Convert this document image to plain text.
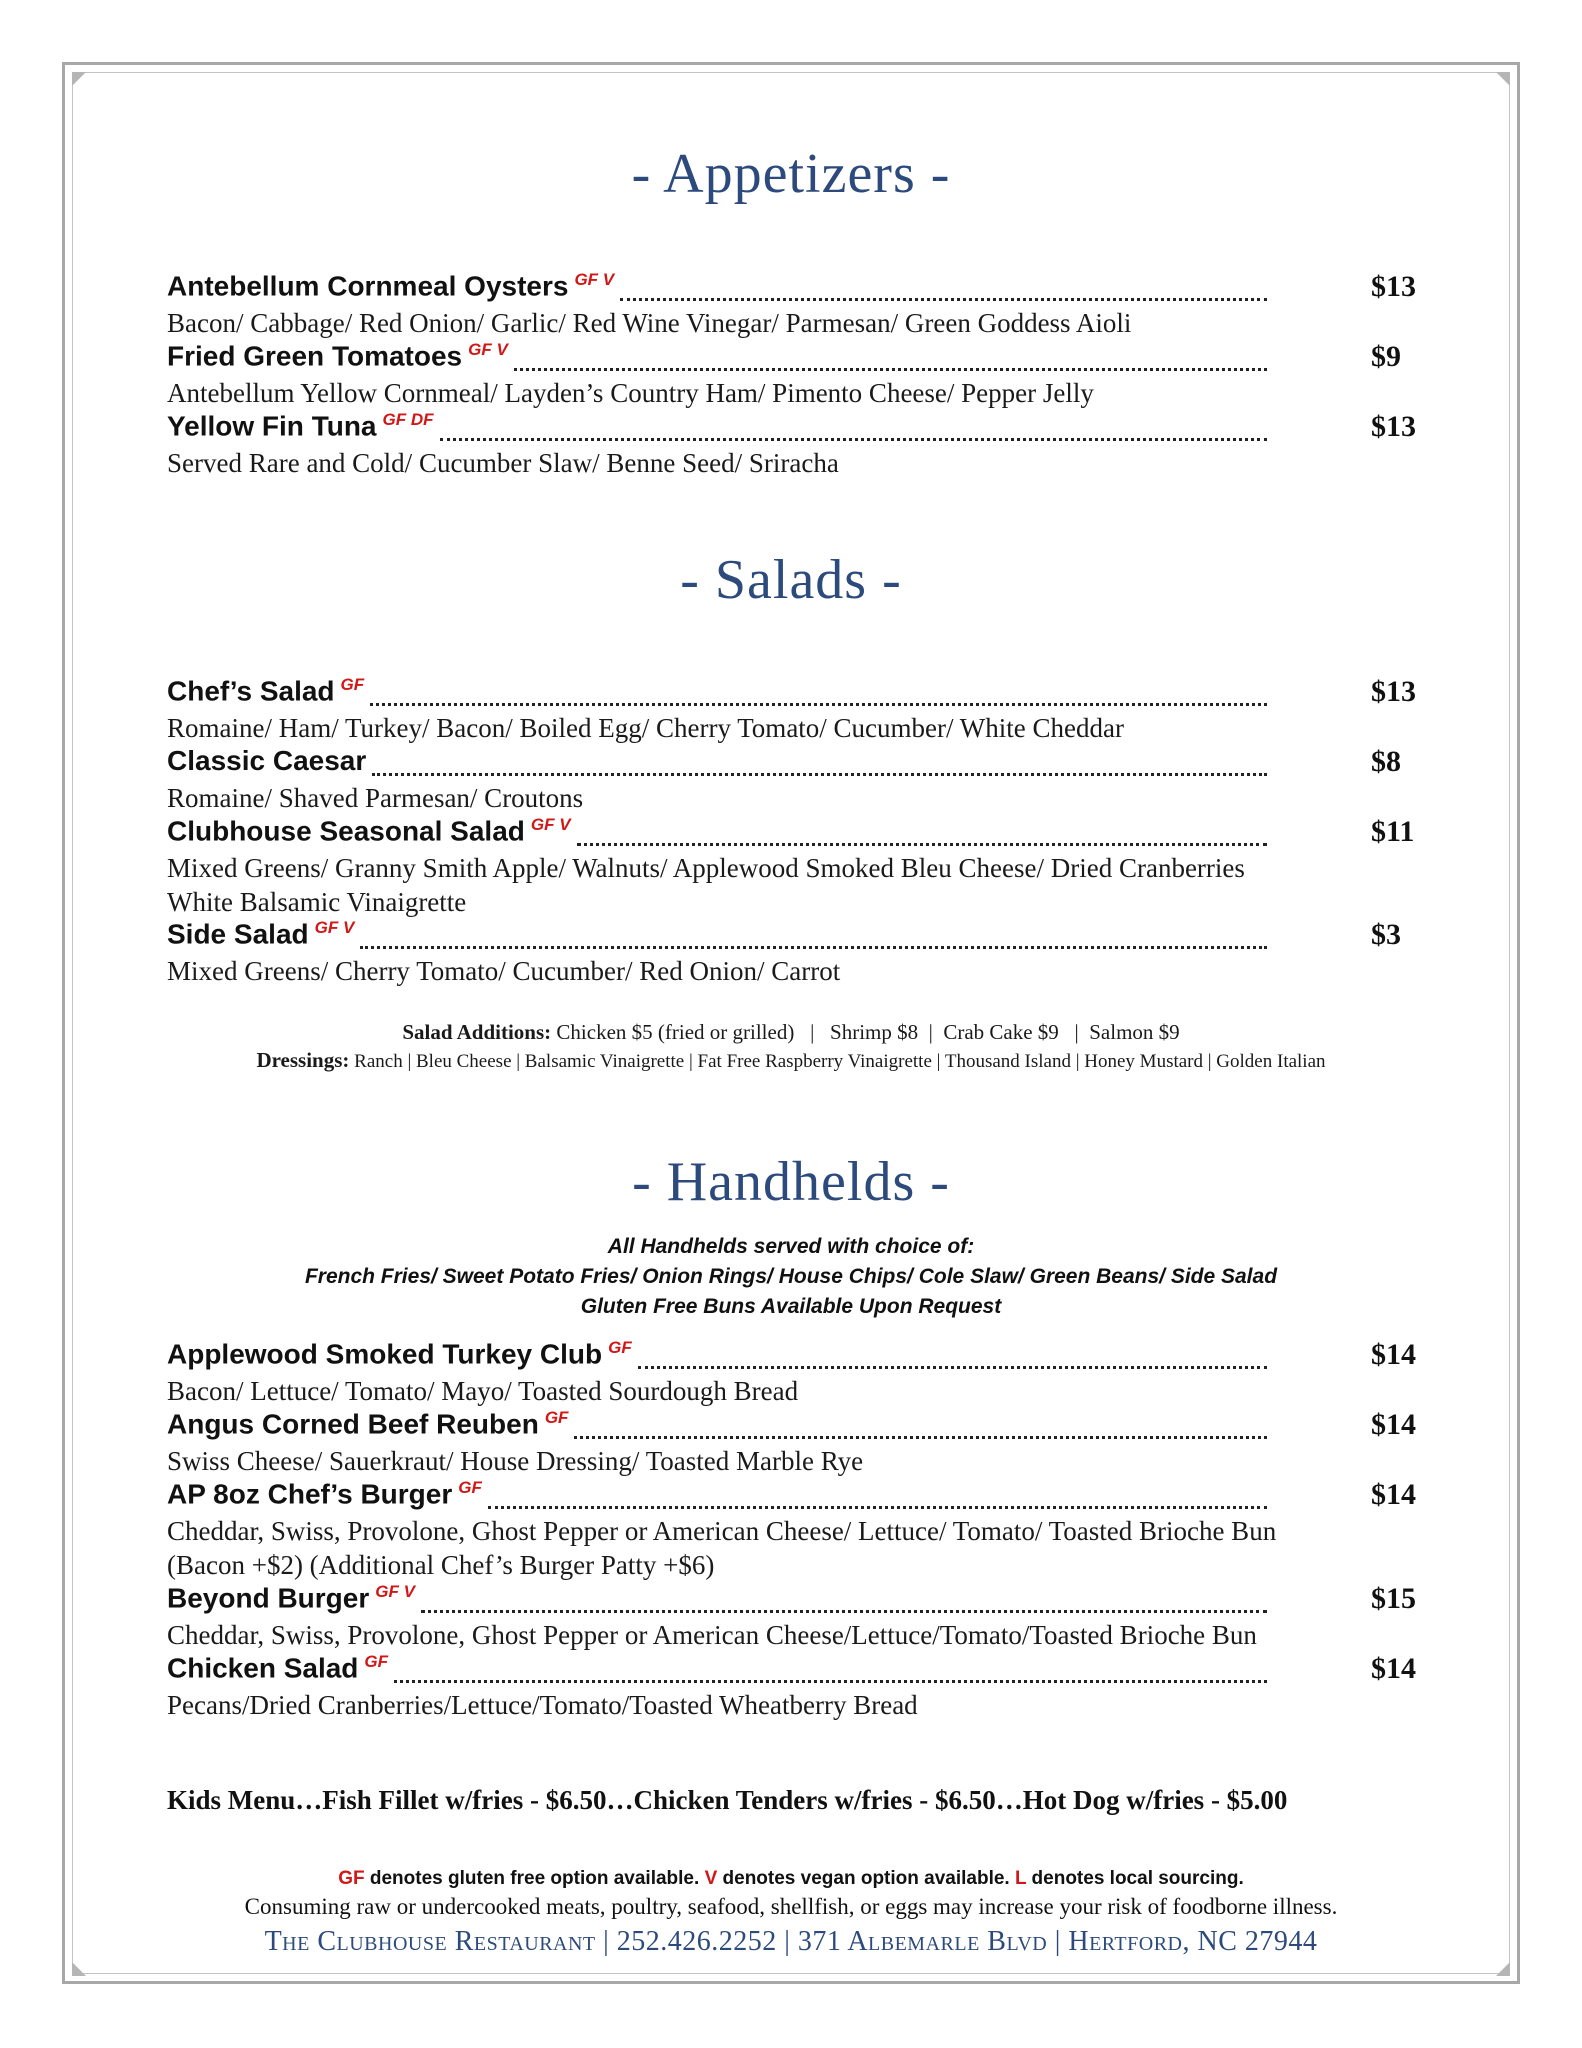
- Appetizers -
Antebellum Cornmeal Oysters $^{GF V}$	$13
Bacon/ Cabbage/ Red Onion/ Garlic/ Red Wine Vinegar/ Parmesan/ Green Goddess Aioli
Fried Green Tomatoes $^{GF V}$	$9
Antebellum Yellow Cornmeal/ Layden’s Country Ham/ Pimento Cheese/ Pepper Jelly
Yellow Fin Tuna $^{GF DF}$	$13
Served Rare and Cold/ Cucumber Slaw/ Benne Seed/ Sriracha
- Salads -
Chef’s Salad $^{GF}$	$13
Romaine/ Ham/ Turkey/ Bacon/ Boiled Egg/ Cherry Tomato/ Cucumber/ White Cheddar
Classic Caesar	$8
Romaine/ Shaved Parmesan/ Croutons
Clubhouse Seasonal Salad $^{GF V}$	$11
Mixed Greens/ Granny Smith Apple/ Walnuts/ Applewood Smoked Bleu Cheese/ Dried Cranberries
White Balsamic Vinaigrette
Side Salad $^{GF V}$	$3
Mixed Greens/ Cherry Tomato/ Cucumber/ Red Onion/ Carrot
Salad Additions: Chicken $5 (fried or grilled)   |   Shrimp $8  |  Crab Cake $9   |  Salmon $9
Dressings: Ranch | Bleu Cheese | Balsamic Vinaigrette | Fat Free Raspberry Vinaigrette | Thousand Island | Honey Mustard | Golden Italian
- Handhelds -
All Handhelds served with choice of:
French Fries/ Sweet Potato Fries/ Onion Rings/ House Chips/ Cole Slaw/ Green Beans/ Side Salad
Gluten Free Buns Available Upon Request
Applewood Smoked Turkey Club $^{GF}$	$14
Bacon/ Lettuce/ Tomato/ Mayo/ Toasted Sourdough Bread
Angus Corned Beef Reuben $^{GF}$	$14
Swiss Cheese/ Sauerkraut/ House Dressing/ Toasted Marble Rye
AP 8oz Chef’s Burger $^{GF}$	$14
Cheddar, Swiss, Provolone, Ghost Pepper or American Cheese/ Lettuce/ Tomato/ Toasted Brioche Bun
(Bacon +$2) (Additional Chef’s Burger Patty +$6)
Beyond Burger $^{GF V}$	$15
Cheddar, Swiss, Provolone, Ghost Pepper or American Cheese/Lettuce/Tomato/Toasted Brioche Bun
Chicken Salad $^{GF}$	$14
Pecans/Dried Cranberries/Lettuce/Tomato/Toasted Wheatberry Bread
Kids Menu…Fish Fillet w/fries - $6.50…Chicken Tenders w/fries - $6.50…Hot Dog w/fries - $5.00
GF denotes gluten free option available. V denotes vegan option available. L denotes local sourcing.
Consuming raw or undercooked meats, poultry, seafood, shellfish, or eggs may increase your risk of foodborne illness.
The Clubhouse Restaurant | 252.426.2252 | 371 Albemarle Blvd | Hertford, NC 27944
